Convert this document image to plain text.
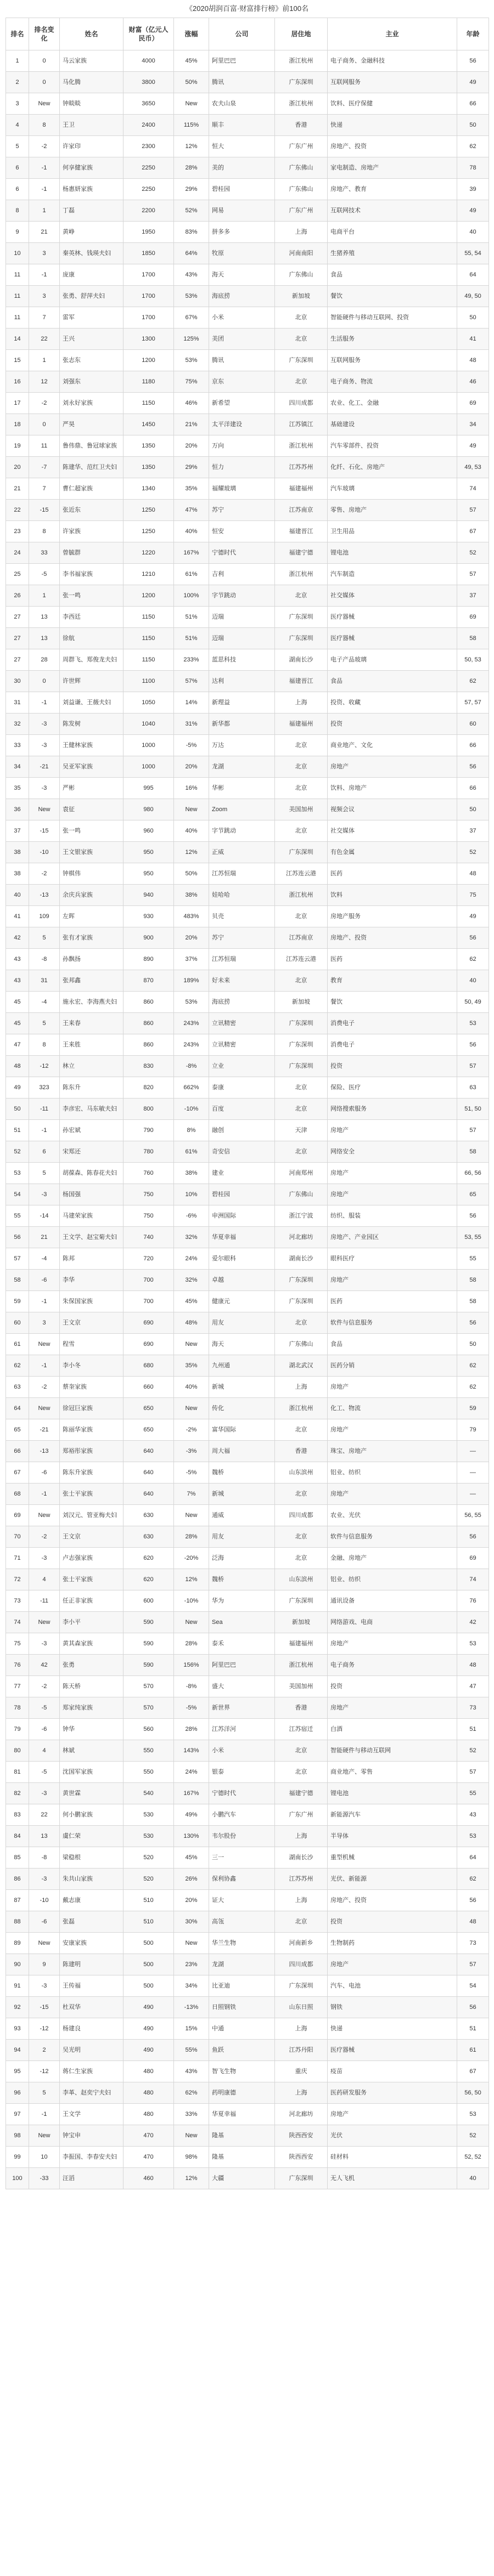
《2020胡润百富·财富排行榜》前100名
排名	排名变化	姓名	财富（亿元人民币）	涨幅	公司	居住地	主业	年龄
1	0	马云家族	4000	45%	阿里巴巴	浙江杭州	电子商务、金融科技	56
2	0	马化腾	3800	50%	腾讯	广东深圳	互联网服务	49
3	New	钟睒睒	3650	New	农夫山泉	浙江杭州	饮料、医疗保健	66
4	8	王卫	2400	115%	顺丰	香港	快递	50
5	-2	许家印	2300	12%	恒大	广东广州	房地产、投资	62
6	-1	何享健家族	2250	28%	美的	广东佛山	家电制造、房地产	78
6	-1	杨惠妍家族	2250	29%	碧桂园	广东佛山	房地产、教育	39
8	1	丁磊	2200	52%	网易	广东广州	互联网技术	49
9	21	黄峥	1950	83%	拼多多	上海	电商平台	40
10	3	秦英林、钱瑛夫妇	1850	64%	牧原	河南南阳	生猪养殖	55, 54
11	-1	庞康	1700	43%	海天	广东佛山	食品	64
11	3	张勇、舒萍夫妇	1700	53%	海底捞	新加坡	餐饮	49, 50
11	7	雷军	1700	67%	小米	北京	智能硬件与移动互联网、投资	50
14	22	王兴	1300	125%	美团	北京	生活服务	41
15	1	张志东	1200	53%	腾讯	广东深圳	互联网服务	48
16	12	刘强东	1180	75%	京东	北京	电子商务、物流	46
17	-2	刘永好家族	1150	46%	新希望	四川成都	农业、化工、金融	69
18	0	严昊	1450	21%	太平洋建设	江苏镇江	基础建设	34
19	11	鲁伟鼎、鲁冠球家族	1350	20%	万向	浙江杭州	汽车零部件、投资	49
20	-7	陈建华、范红卫夫妇	1350	29%	恒力	江苏苏州	化纤、石化、房地产	49, 53
21	7	曹仁超家族	1340	35%	福耀玻璃	福建福州	汽车玻璃	74
22	-15	张近东	1250	47%	苏宁	江苏南京	零售、房地产	57
23	8	许家族	1250	40%	恒安	福建晋江	卫生用品	67
24	33	曾毓群	1220	167%	宁德时代	福建宁德	锂电池	52
25	-5	李书福家族	1210	61%	吉利	浙江杭州	汽车制造	57
26	1	张一鸣	1200	100%	字节跳动	北京	社交媒体	37
27	13	李西廷	1150	51%	迈瑞	广东深圳	医疗器械	69
27	13	徐航	1150	51%	迈瑞	广东深圳	医疗器械	58
27	28	周群飞、郑俊龙夫妇	1150	233%	蓝思科技	湖南长沙	电子产品玻璃	50, 53
30	0	许世辉	1100	57%	达利	福建晋江	食品	62
31	-1	刘益谦、王薇夫妇	1050	14%	新理益	上海	投资、收藏	57, 57
32	-3	陈发树	1040	31%	新华都	福建福州	投资	60
33	-3	王健林家族	1000	-5%	万达	北京	商业地产、文化	66
34	-21	吴亚军家族	1000	20%	龙湖	北京	房地产	56
35	-3	严彬	995	16%	华彬	北京	饮料、房地产	66
36	New	袁征	980	New	Zoom	美国加州	视频会议	50
37	-15	张一鸣	960	40%	字节跳动	北京	社交媒体	37
38	-10	王文银家族	950	12%	正威	广东深圳	有色金属	52
38	-2	钟棋伟	950	50%	江苏恒瑞	江苏连云港	医药	48
40	-13	余庆兵家族	940	38%	娃哈哈	浙江杭州	饮料	75
41	109	左晖	930	483%	贝壳	北京	房地产服务	49
42	5	张有才家族	900	20%	苏宁	江苏南京	房地产、投资	56
43	-8	孙飘扬	890	37%	江苏恒瑞	江苏连云港	医药	62
43	31	张邦鑫	870	189%	好未来	北京	教育	40
45	-4	施永宏、李海燕夫妇	860	53%	海底捞	新加坡	餐饮	50, 49
45	5	王来春	860	243%	立讯精密	广东深圳	消费电子	53
47	8	王来胜	860	243%	立讯精密	广东深圳	消费电子	56
48	-12	林立	830	-8%	立业	广东深圳	投资	57
49	323	陈东升	820	662%	泰康	北京	保险、医疗	63
50	-11	李彦宏、马东敏夫妇	800	-10%	百度	北京	网络搜索服务	51, 50
51	-1	孙宏斌	790	8%	融创	天津	房地产	57
52	6	宋郑还	780	61%	奇安信	北京	网络安全	58
53	5	胡葆森、陈春花夫妇	760	38%	建业	河南郑州	房地产	66, 56
54	-3	杨国强	750	10%	碧桂园	广东佛山	房地产	65
55	-14	马建荣家族	750	-6%	申洲国际	浙江宁波	纺织、服装	56
56	21	王文学、赵宝菊夫妇	740	32%	华夏幸福	河北廊坊	房地产、产业园区	53, 55
57	-4	陈邦	720	24%	爱尔眼科	湖南长沙	眼科医疗	55
58	-6	李华	700	32%	卓越	广东深圳	房地产	58
59	-1	朱保国家族	700	45%	健康元	广东深圳	医药	58
60	3	王文京	690	48%	用友	北京	软件与信息服务	56
61	New	程雪	690	New	海天	广东佛山	食品	50
62	-1	李小冬	680	35%	九州通	湖北武汉	医药分销	62
63	-2	蔡奎家族	660	40%	新城	上海	房地产	62
64	New	徐冠巨家族	650	New	传化	浙江杭州	化工、物流	59
65	-21	陈丽华家族	650	-2%	富华国际	北京	房地产	79
66	-13	郑裕彤家族	640	-3%	周大福	香港	珠宝、房地产	—
67	-6	陈东升家族	640	-5%	魏桥	山东滨州	铝业、纺织	—
68	-1	张士平家族	640	7%	新城	北京	房地产	—
69	New	刘汉元、管亚梅夫妇	630	New	通威	四川成都	农业、光伏	56, 55
70	-2	王文京	630	28%	用友	北京	软件与信息服务	56
71	-3	卢志强家族	620	-20%	泛海	北京	金融、房地产	69
72	4	张士平家族	620	12%	魏桥	山东滨州	铝业、纺织	74
73	-11	任正非家族	600	-10%	华为	广东深圳	通讯设备	76
74	New	李小平	590	New	Sea	新加坡	网络游戏、电商	42
75	-3	黄其森家族	590	28%	泰禾	福建福州	房地产	53
76	42	张勇	590	156%	阿里巴巴	浙江杭州	电子商务	48
77	-2	陈天桥	570	-8%	盛大	美国加州	投资	47
78	-5	郑家纯家族	570	-5%	新世界	香港	房地产	73
79	-6	钟华	560	28%	江苏洋河	江苏宿迁	白酒	51
80	4	林斌	550	143%	小米	北京	智能硬件与移动互联网	52
81	-5	沈国军家族	550	24%	银泰	北京	商业地产、零售	57
82	-3	黄世霖	540	167%	宁德时代	福建宁德	锂电池	55
83	22	何小鹏家族	530	49%	小鹏汽车	广东广州	新能源汽车	43
84	13	虞仁荣	530	130%	韦尔股份	上海	半导体	53
85	-8	梁稳根	520	45%	三一	湖南长沙	重型机械	64
86	-3	朱共山家族	520	26%	保利协鑫	江苏苏州	光伏、新能源	62
87	-10	戴志康	510	20%	证大	上海	房地产、投资	56
88	-6	张磊	510	30%	高瓴	北京	投资	48
89	New	安康家族	500	New	华兰生物	河南新乡	生物制药	73
90	9	陈建明	500	23%	龙湖	四川成都	房地产	57
91	-3	王传福	500	34%	比亚迪	广东深圳	汽车、电池	54
92	-15	杜双华	490	-13%	日照钢铁	山东日照	钢铁	56
93	-12	杨建良	490	15%	中通	上海	快递	51
94	2	吴光明	490	55%	鱼跃	江苏丹阳	医疗器械	61
95	-12	蒋仁生家族	480	43%	智飞生物	重庆	疫苗	67
96	5	李革、赵奕宁夫妇	480	62%	药明康德	上海	医药研发服务	56, 50
97	-1	王文学	480	33%	华夏幸福	河北廊坊	房地产	53
98	New	钟宝申	470	New	隆基	陕西西安	光伏	52
99	10	李振国、李春安夫妇	470	98%	隆基	陕西西安	硅材料	52, 52
100	-33	汪滔	460	12%	大疆	广东深圳	无人飞机	40
